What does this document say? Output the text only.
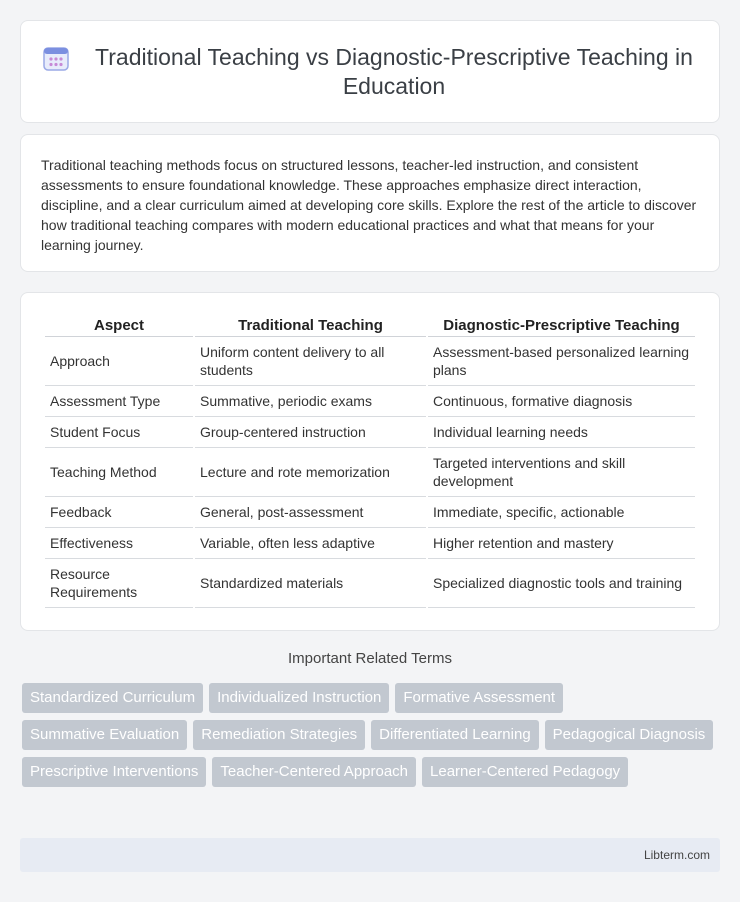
Traditional Teaching vs Diagnostic-Prescriptive Teaching in Education

Traditional teaching methods focus on structured lessons, teacher-led instruction, and consistent assessments to ensure foundational knowledge. These approaches emphasize direct interaction, discipline, and a clear curriculum aimed at developing core skills. Explore the rest of the article to discover how traditional teaching compares with modern educational practices and what that means for your learning journey.

Aspect	Traditional Teaching	Diagnostic-Prescriptive Teaching
Approach	Uniform content delivery to all students	Assessment-based personalized learning plans
Assessment Type	Summative, periodic exams	Continuous, formative diagnosis
Student Focus	Group-centered instruction	Individual learning needs
Teaching Method	Lecture and rote memorization	Targeted interventions and skill development
Feedback	General, post-assessment	Immediate, specific, actionable
Effectiveness	Variable, often less adaptive	Higher retention and mastery
Resource Requirements	Standardized materials	Specialized diagnostic tools and training
Important Related Terms
Standardized Curriculum	Individualized Instruction	Formative Assessment
Summative Evaluation	Remediation Strategies	Differentiated Learning	Pedagogical Diagnosis
Prescriptive Interventions	Teacher-Centered Approach	Learner-Centered Pedagogy
Libterm.com
